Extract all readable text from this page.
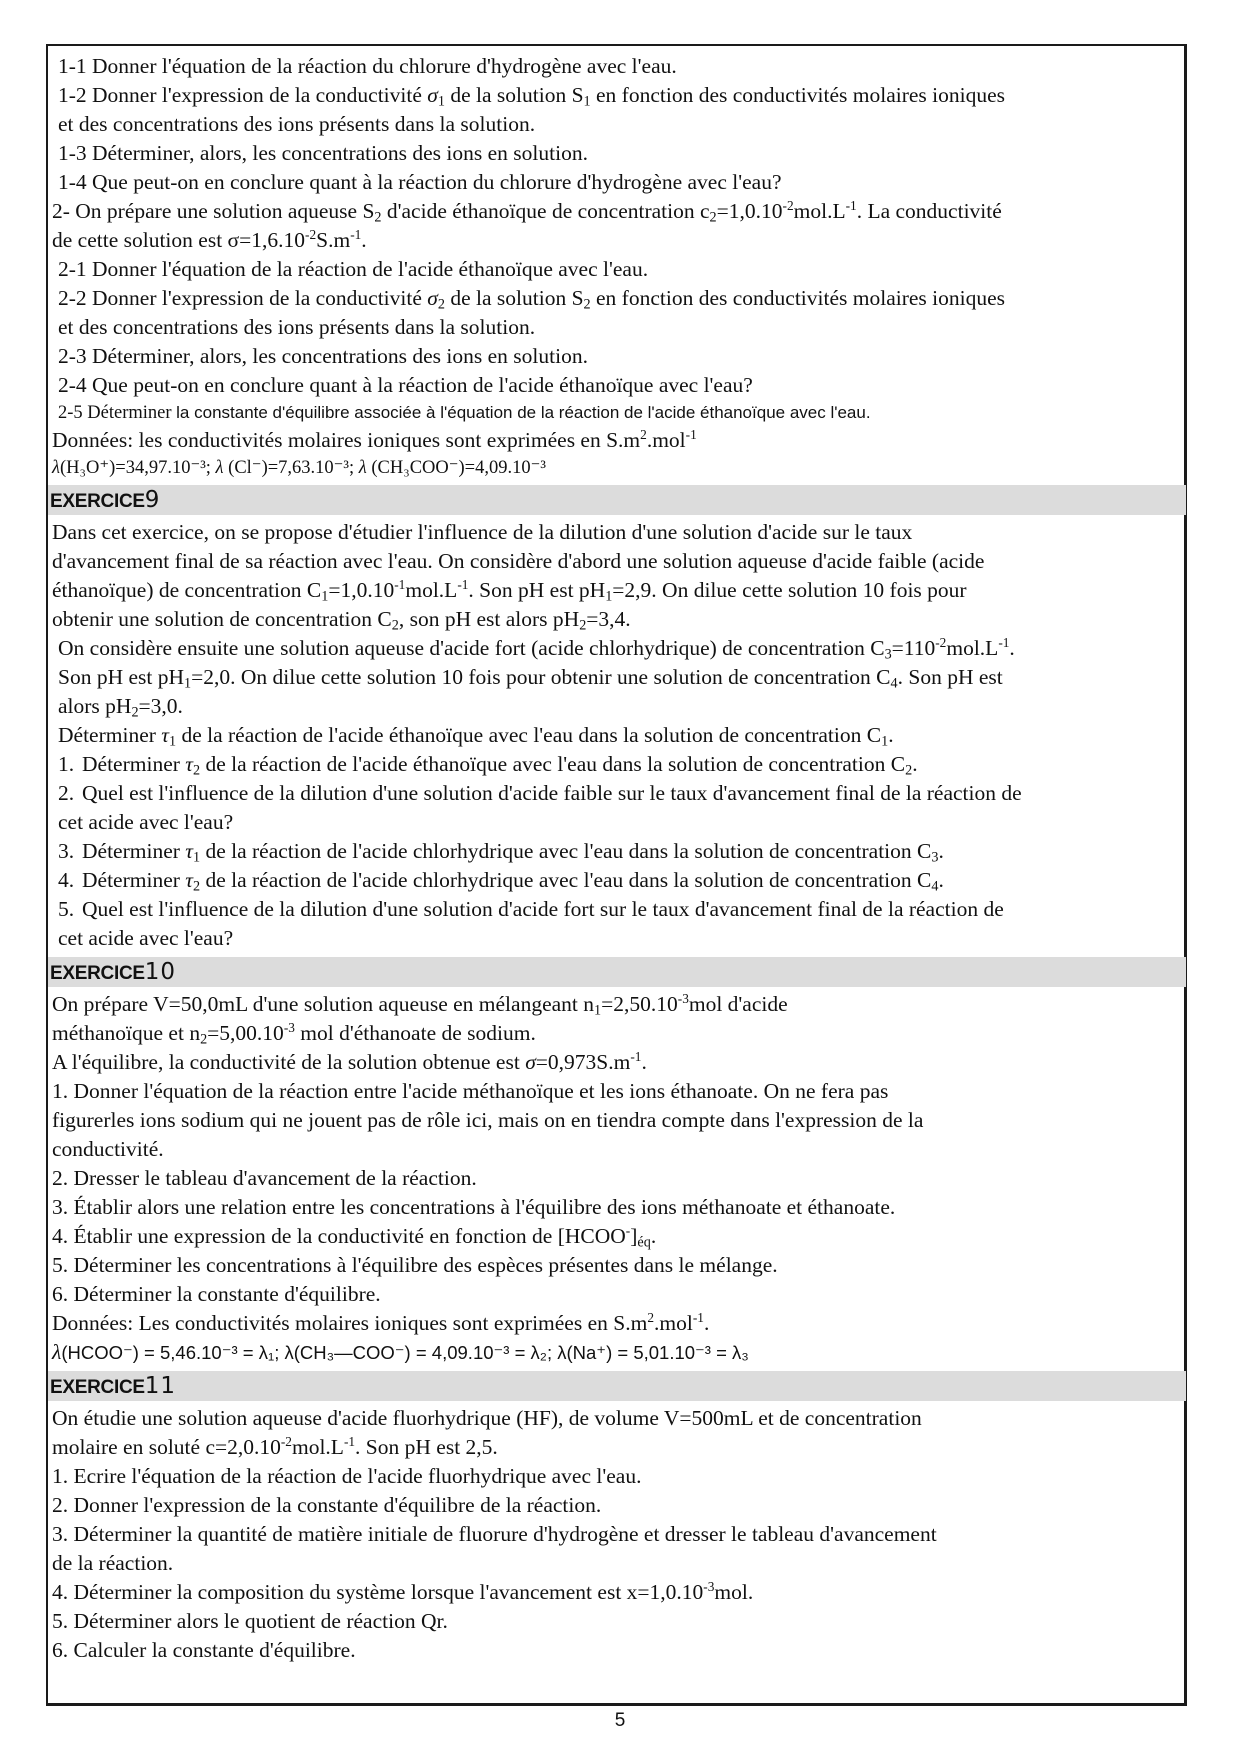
1-1 Donner l'équation de la réaction du chlorure d'hydrogène avec l'eau.
1-2 Donner l'expression de la conductivité $\sigma_1$ de la solution $S_1$ en fonction des conductivités molaires ioniques
et des concentrations des ions présents dans la solution.
1-3 Déterminer, alors, les concentrations des ions en solution.
1-4 Que peut-on en conclure quant à la réaction du chlorure d'hydrogène avec l'eau?
2- On prépare une solution aqueuse $S_2$ d'acide éthanoïque de concentration $c_2=1,0.10^{-2}mol.L^{-1}$. La conductivité
de cette solution est $\sigma=1,6.10^{-2}S.m^{-1}$.
2-1 Donner l'équation de la réaction de l'acide éthanoïque avec l'eau.
2-2 Donner l'expression de la conductivité $\sigma_2$ de la solution $S_2$ en fonction des conductivités molaires ioniques
et des concentrations des ions présents dans la solution.
2-3 Déterminer, alors, les concentrations des ions en solution.
2-4 Que peut-on en conclure quant à la réaction de l'acide éthanoïque avec l'eau?
2-5 Déterminer la constante d'équilibre associée à l'équation de la réaction de l'acide éthanoïque avec l'eau.
Données: les conductivités molaires ioniques sont exprimées en $S.m^2.mol^{-1}$
λ(H₃O⁺)=34,97.10⁻³; λ (Cl⁻)=7,63.10⁻³; λ (CH₃COO⁻)=4,09.10⁻³
EXERCICE9
Dans cet exercice, on se propose d'étudier l'influence de la dilution d'une solution d'acide sur le taux
d'avancement final de sa réaction avec l'eau. On considère d'abord une solution aqueuse d'acide faible (acide
éthanoïque) de concentration $C_1=1,0.10^{-1}mol.L^{-1}$. Son pH est $pH_1=2,9$. On dilue cette solution 10 fois pour
obtenir une solution de concentration $C_2$, son pH est alors $pH_2=3,4$.
On considère ensuite une solution aqueuse d'acide fort (acide chlorhydrique) de concentration $C_3=110^{-2}mol.L^{-1}$.
Son pH est $pH_1=2,0$. On dilue cette solution 10 fois pour obtenir une solution de concentration $C_4$. Son pH est
alors $pH_2=3,0$.
Déterminer $\tau_1$ de la réaction de l'acide éthanoïque avec l'eau dans la solution de concentration $C_1$.
1. Déterminer $\tau_2$ de la réaction de l'acide éthanoïque avec l'eau dans la solution de concentration $C_2$.
2. Quel est l'influence de la dilution d'une solution d'acide faible sur le taux d'avancement final de la réaction de
cet acide avec l'eau?
3. Déterminer $\tau_1$ de la réaction de l'acide chlorhydrique avec l'eau dans la solution de concentration $C_3$.
4. Déterminer $\tau_2$ de la réaction de l'acide chlorhydrique avec l'eau dans la solution de concentration $C_4$.
5. Quel est l'influence de la dilution d'une solution d'acide fort sur le taux d'avancement final de la réaction de
cet acide avec l'eau?
EXERCICE10
On prépare V=50,0mL d'une solution aqueuse en mélangeant $n_1=2,50.10^{-3}mol$ d'acide
méthanoïque et $n_2=5,00.10^{-3}$ mol d'éthanoate de sodium.
A l'équilibre, la conductivité de la solution obtenue est $\sigma=0,973S.m^{-1}$.
1. Donner l'équation de la réaction entre l'acide méthanoïque et les ions éthanoate. On ne fera pas
figurerles ions sodium qui ne jouent pas de rôle ici, mais on en tiendra compte dans l'expression de la
conductivité.
2. Dresser le tableau d'avancement de la réaction.
3. Établir alors une relation entre les concentrations à l'équilibre des ions méthanoate et éthanoate.
4. Établir une expression de la conductivité en fonction de $[HCOO^-]_{éq}$.
5. Déterminer les concentrations à l'équilibre des espèces présentes dans le mélange.
6. Déterminer la constante d'équilibre.
Données: Les conductivités molaires ioniques sont exprimées en $S.m^2.mol^{-1}$.
λ(HCOO⁻) = 5,46.10⁻³ = λ₁; λ(CH₃—COO⁻) = 4,09.10⁻³ = λ₂; λ(Na⁺) = 5,01.10⁻³ = λ₃
EXERCICE11
On étudie une solution aqueuse d'acide fluorhydrique (HF), de volume V=500mL et de concentration
molaire en soluté $c=2,0.10^{-2}mol.L^{-1}$. Son pH est 2,5.
1. Ecrire l'équation de la réaction de l'acide fluorhydrique avec l'eau.
2. Donner l'expression de la constante d'équilibre de la réaction.
3. Déterminer la quantité de matière initiale de fluorure d'hydrogène et dresser le tableau d'avancement
de la réaction.
4. Déterminer la composition du système lorsque l'avancement est $x=1,0.10^{-3}mol$.
5. Déterminer alors le quotient de réaction Qr.
6. Calculer la constante d'équilibre.
5
